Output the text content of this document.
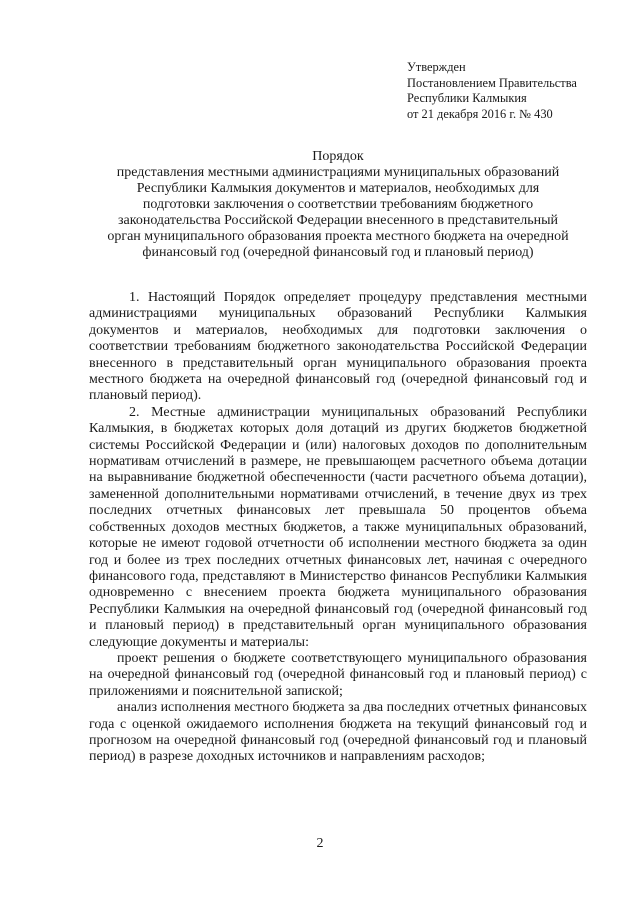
Утвержден
Постановлением Правительства
Республики Калмыкия
от 21 декабря 2016 г. № 430
Порядок
представления местными администрациями муниципальных образований
Республики Калмыкия документов и материалов, необходимых для
подготовки заключения о соответствии требованиям бюджетного
законодательства Российской Федерации внесенного в представительный
орган муниципального образования проекта местного бюджета на очередной
финансовый год (очередной финансовый год и плановый период)

1. Настоящий Порядок определяет процедуру представления местными администрациями муниципальных образований Республики Калмыкия документов и материалов, необходимых для подготовки заключения о соответствии требованиям бюджетного законодательства Российской Федерации внесенного в представительный орган муниципального образования проекта местного бюджета на очередной финансовый год (очередной финансовый год и плановый период).

2. Местные администрации муниципальных образований Республики Калмыкия, в бюджетах которых доля дотаций из других бюджетов бюджетной системы Российской Федерации и (или) налоговых доходов по дополнительным нормативам отчислений в размере, не превышающем расчетного объема дотации на выравнивание бюджетной обеспеченности (части расчетного объема дотации), замененной дополнительными нормативами отчислений, в течение двух из трех последних отчетных финансовых лет превышала 50 процентов объема собственных доходов местных бюджетов, а также муниципальных образований, которые не имеют годовой отчетности об исполнении местного бюджета за один год и более из трех последних отчетных финансовых лет, начиная с очередного финансового года, представляют в Министерство финансов Республики Калмыкия одновременно с внесением проекта бюджета муниципального образования Республики Калмыкия на очередной финансовый год (очередной финансовый год и плановый период) в представительный орган муниципального образования следующие документы и материалы:

проект решения о бюджете соответствующего муниципального образования на очередной финансовый год (очередной финансовый год и плановый период) с приложениями и пояснительной запиской;

анализ исполнения местного бюджета за два последних отчетных финансовых года с оценкой ожидаемого исполнения бюджета на текущий финансовый год и прогнозом на очередной финансовый год (очередной финансовый год и плановый период) в разрезе доходных источников и направлениям расходов;

2
